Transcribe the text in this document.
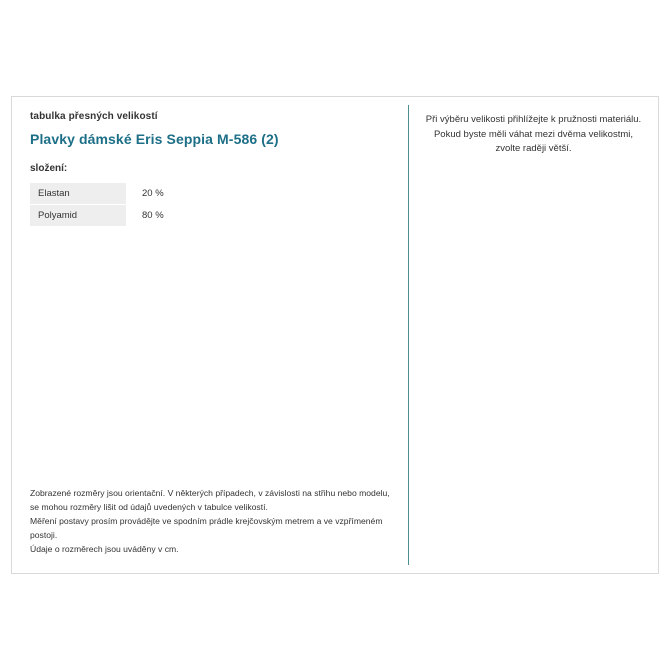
tabulka přesných velikostí
Plavky dámské Eris Seppia M-586 (2)
složení:
Elastan	20 %
Polyamid	80 %
Zobrazené rozměry jsou orientační. V některých případech, v závislosti na střihu nebo modelu,
se mohou rozměry lišit od údajů uvedených v tabulce velikostí.
Měření postavy prosím provádějte ve spodním prádle krejčovským metrem a ve vzpřímeném postoji.
Údaje o rozměrech jsou uváděny v cm.
Při výběru velikosti přihlížejte k pružnosti materiálu.
Pokud byste měli váhat mezi dvěma velikostmi,
zvolte raději větší.
